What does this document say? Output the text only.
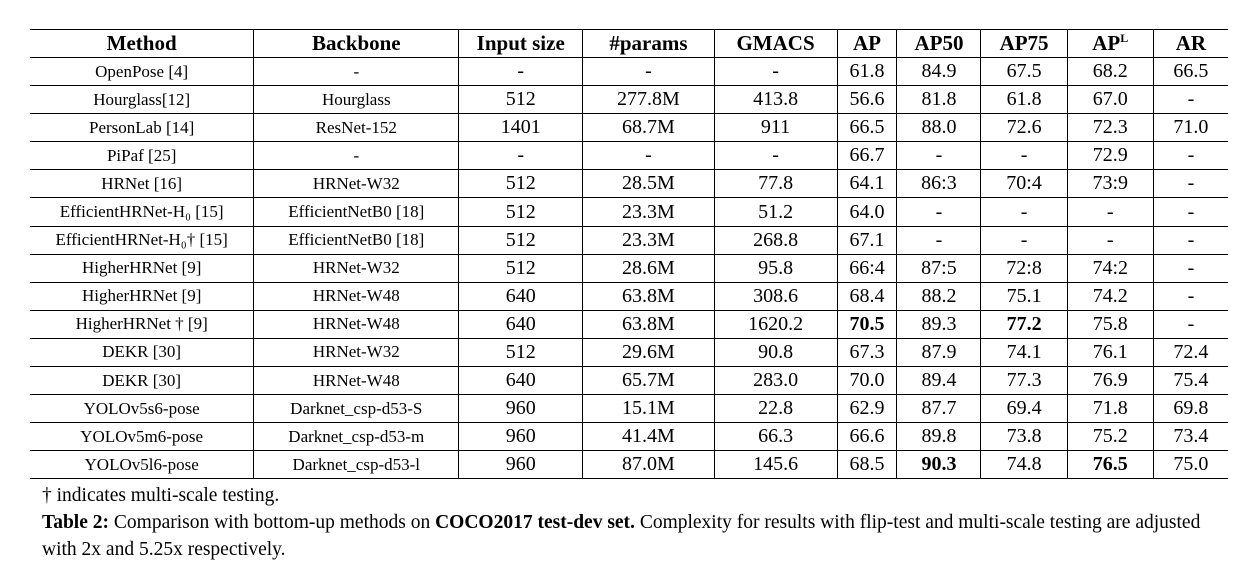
Method	Backbone	Input size	#params	GMACS	AP	AP50	AP75	$AP^L$	AR
OpenPose [4]	-	-	-	-	61.8	84.9	67.5	68.2	66.5
Hourglass[12]	Hourglass	512	277.8M	413.8	56.6	81.8	61.8	67.0	-
PersonLab [14]	ResNet-152	1401	68.7M	911	66.5	88.0	72.6	72.3	71.0
PiPaf [25]	-	-	-	-	66.7	-	-	72.9	-
HRNet [16]	HRNet-W32	512	28.5M	77.8	64.1	86:3	70:4	73:9	-
EfficientHRNet-H₀ [15]	EfficientNetB0 [18]	512	23.3M	51.2	64.0	-	-	-	-
EfficientHRNet-H₀† [15]	EfficientNetB0 [18]	512	23.3M	268.8	67.1	-	-	-	-
HigherHRNet [9]	HRNet-W32	512	28.6M	95.8	66:4	87:5	72:8	74:2	-
HigherHRNet [9]	HRNet-W48	640	63.8M	308.6	68.4	88.2	75.1	74.2	-
HigherHRNet † [9]	HRNet-W48	640	63.8M	1620.2	70.5	89.3	77.2	75.8	-
DEKR [30]	HRNet-W32	512	29.6M	90.8	67.3	87.9	74.1	76.1	72.4
DEKR [30]	HRNet-W48	640	65.7M	283.0	70.0	89.4	77.3	76.9	75.4
YOLOv5s6-pose	Darknet_csp-d53-S	960	15.1M	22.8	62.9	87.7	69.4	71.8	69.8
YOLOv5m6-pose	Darknet_csp-d53-m	960	41.4M	66.3	66.6	89.8	73.8	75.2	73.4
YOLOv5l6-pose	Darknet_csp-d53-l	960	87.0M	145.6	68.5	90.3	74.8	76.5	75.0

† indicates multi-scale testing.

Table 2: Comparison with bottom-up methods on COCO2017 test-dev set. Complexity for results with flip-test and multi-scale testing are adjusted with 2x and 5.25x respectively.
